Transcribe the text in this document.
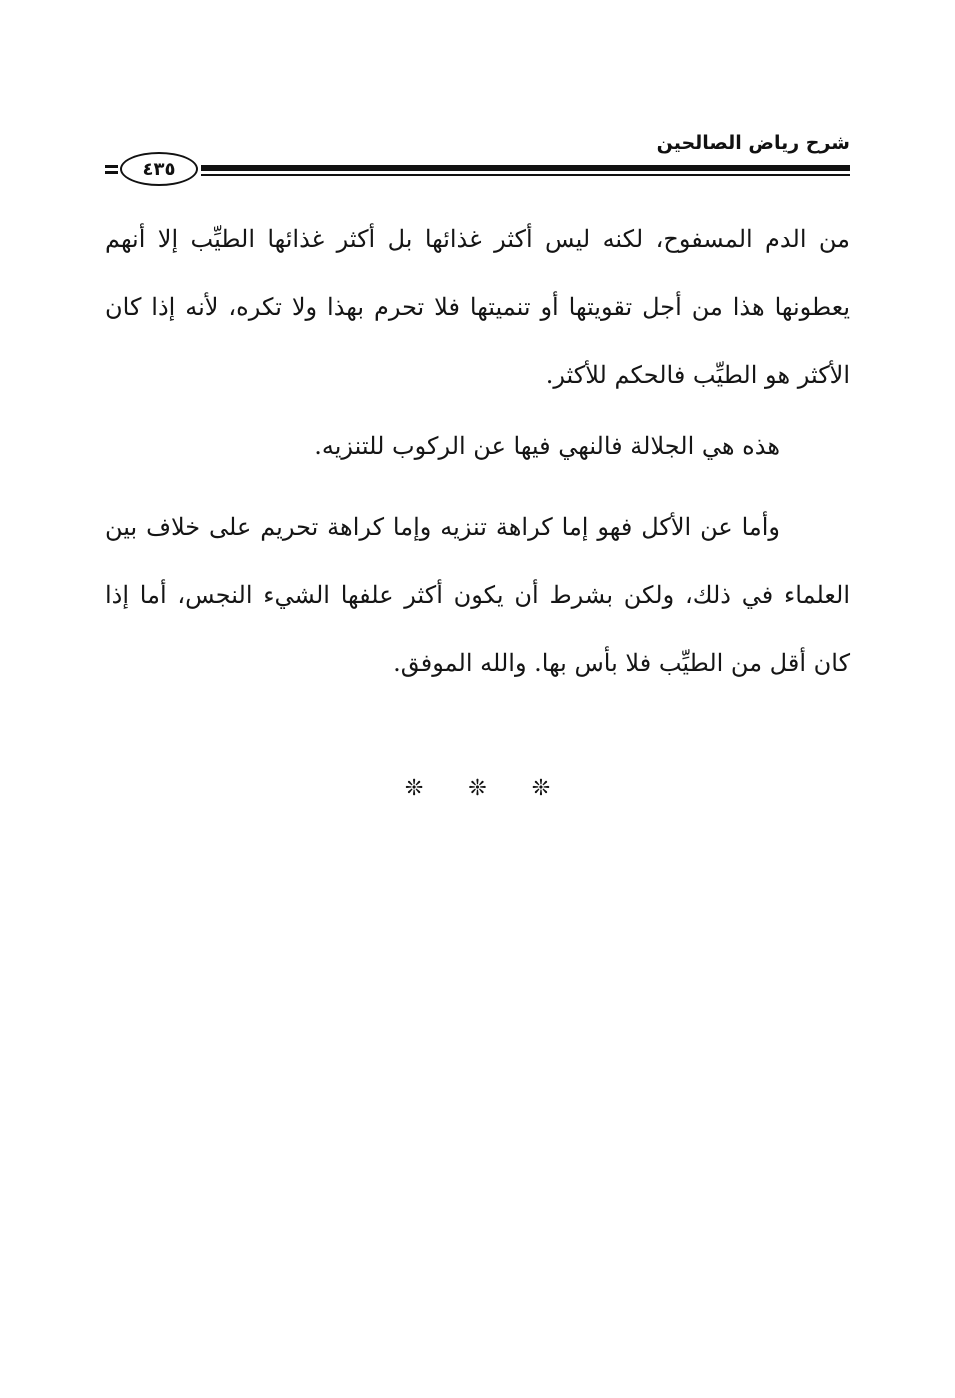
شرح رياض الصالحين
٤٣٥
من الدم المسفوح، لكنه ليس أكثر غذائها بل أكثر غذائها الطيِّب إلا أنهم يعطونها هذا من أجل تقويتها أو تنميتها فلا تحرم بهذا ولا تكره، لأنه إذا كان الأكثر هو الطيِّب فالحكم للأكثر.
هذه هي الجلالة فالنهي فيها عن الركوب للتنزيه.
وأما عن الأكل فهو إما كراهة تنزيه وإما كراهة تحريم على خلاف بين العلماء في ذلك، ولكن بشرط أن يكون أكثر علفها الشيء النجس، أما إذا كان أقل من الطيِّب فلا بأس بها. والله الموفق.
❊ ❊ ❊
